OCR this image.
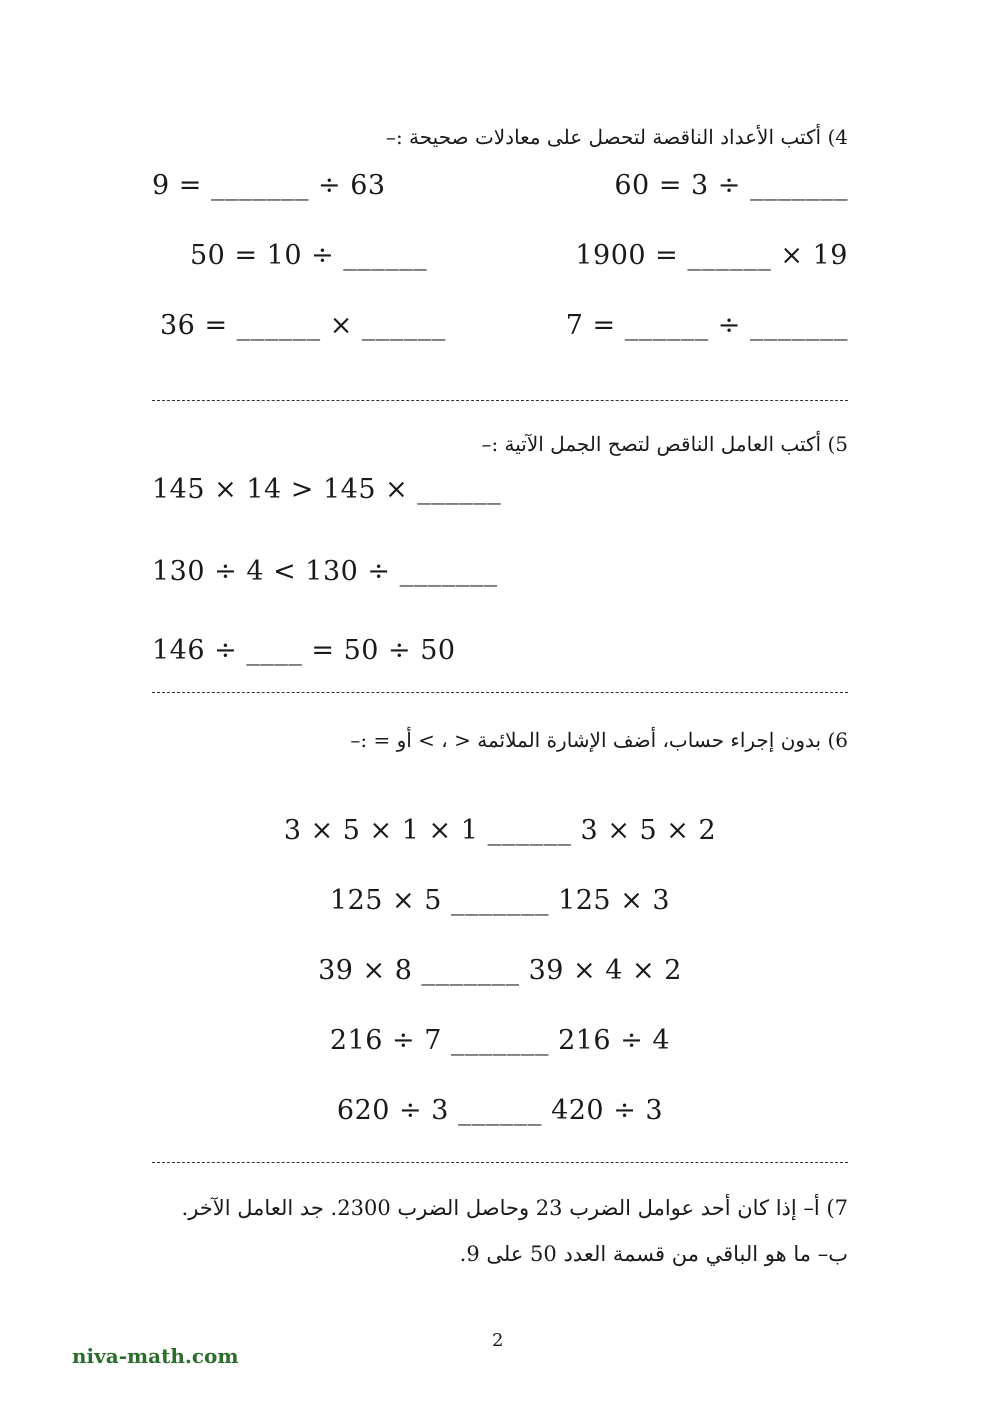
4) أكتب الأعداد الناقصة لتحصل على معادلات صحيحة :–
60 = 3 ÷ _______
9 = _______ ÷ 63
1900 = ______ × 19
50 = 10 ÷ ______
7 = ______ ÷ _______
36 = ______ × ______
5) أكتب العامل الناقص لتصح الجمل الآتية :–
145 × 14 > 145 × ______
130 ÷ 4 < 130 ÷ _______
146 ÷ ____ = 50 ÷ 50
6) بدون إجراء حساب، أضف الإشارة الملائمة < ، > أو = :–
3 × 5 × 1 × 1 ______ 3 × 5 × 2
125 × 5 _______ 125 × 3
39 × 8 _______ 39 × 4 × 2
216 ÷ 7 _______ 216 ÷ 4
620 ÷ 3 ______ 420 ÷ 3
7) أ– إذا كان أحد عوامل الضرب 23 وحاصل الضرب 2300. جد العامل الآخر.
ب– ما هو الباقي من قسمة العدد 50 على 9.
2
niva-math.com
